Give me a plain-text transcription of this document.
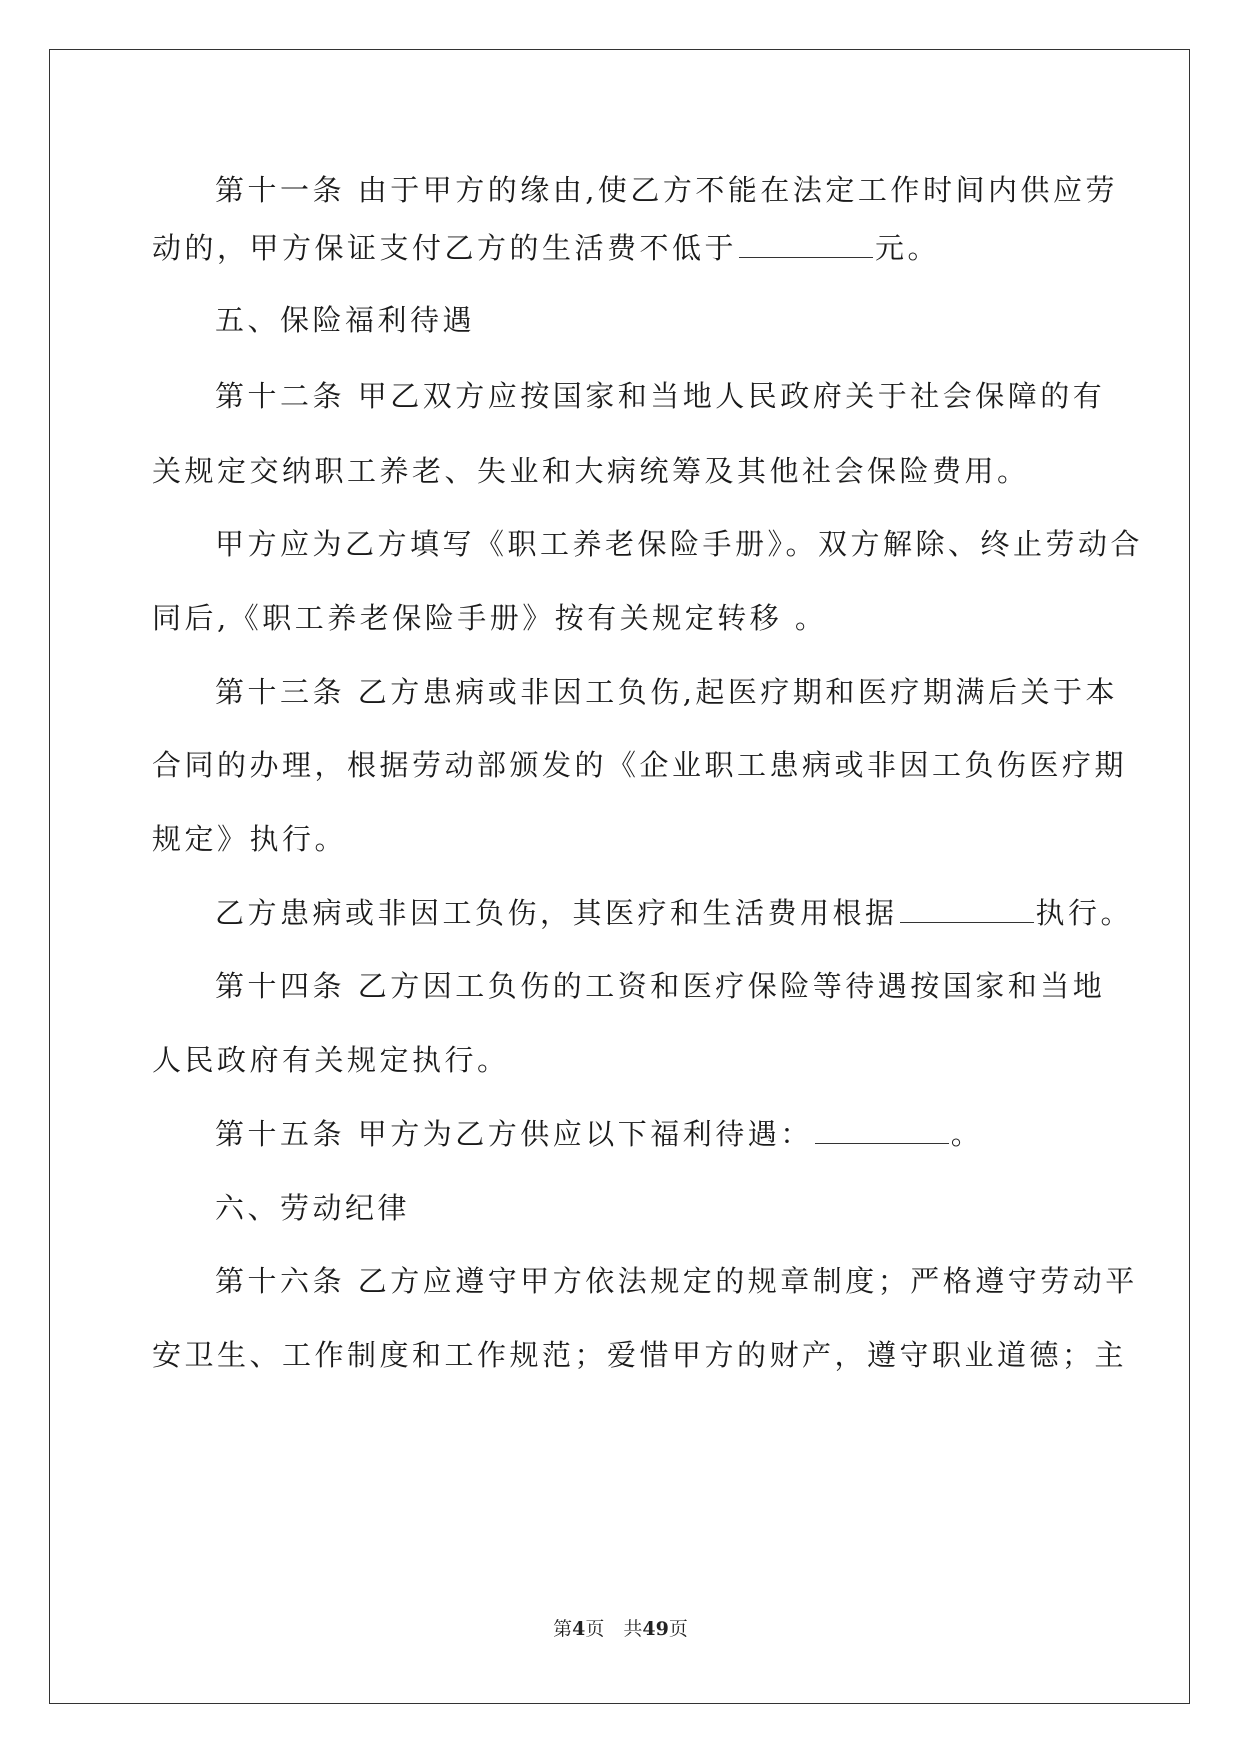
第十一条 由于甲方的缘由,使乙方不能在法定工作时间内供应劳
动的，甲方保证支付乙方的生活费不低于	元。
五、保险福利待遇
第十二条 甲乙双方应按国家和当地人民政府关于社会保障的有
关规定交纳职工养老、失业和大病统筹及其他社会保险费用。
甲方应为乙方填写《职工养老保险手册》。双方解除、终止劳动合
同后,《职工养老保险手册》按有关规定转移 。
第十三条 乙方患病或非因工负伤,起医疗期和医疗期满后关于本
合同的办理，根据劳动部颁发的《企业职工患病或非因工负伤医疗期
规定》执行。
乙方患病或非因工负伤，其医疗和生活费用根据	执行。
第十四条 乙方因工负伤的工资和医疗保险等待遇按国家和当地
人民政府有关规定执行。
第十五条 甲方为乙方供应以下福利待遇：	。
六、劳动纪律
第十六条 乙方应遵守甲方依法规定的规章制度；严格遵守劳动平
安卫生、工作制度和工作规范；爱惜甲方的财产，遵守职业道德；主
第4页　共49页
